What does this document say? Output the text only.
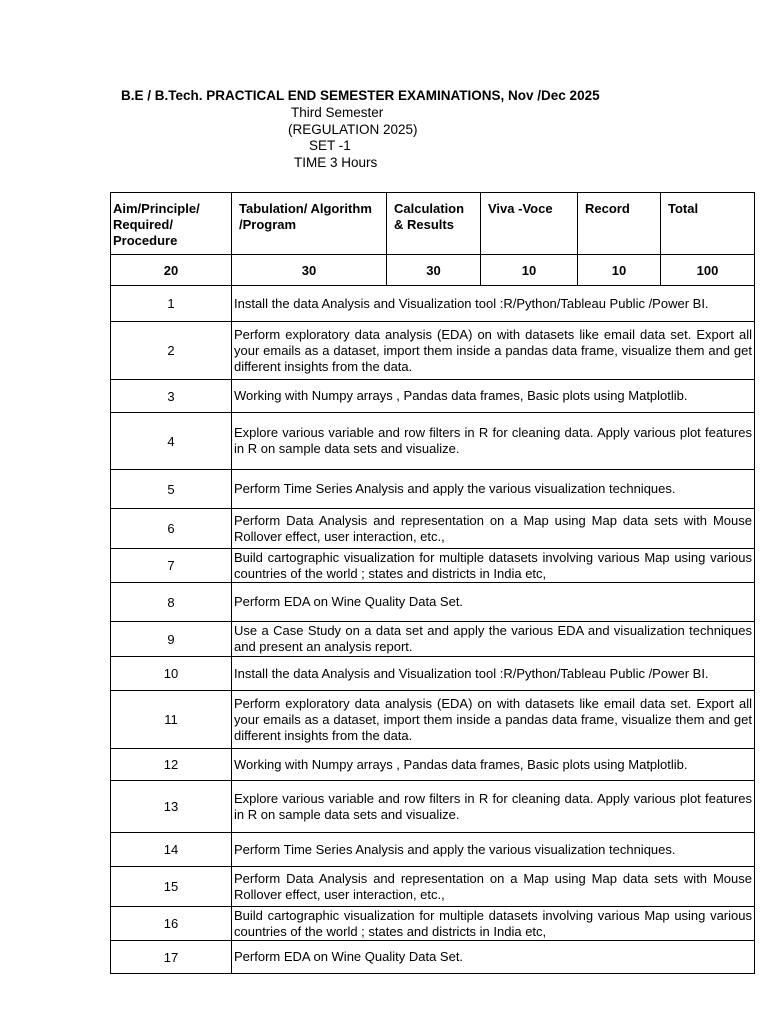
B.E / B.Tech. PRACTICAL END SEMESTER EXAMINATIONS, Nov /Dec 2025
Third Semester
(REGULATION 2025)
SET -1
TIME 3 Hours
Aim/Principle/ Required/ Procedure	Tabulation/ Algorithm /Program	Calculation & Results	Viva -Voce	Record	Total
20	30	30	10	10	100
1	Install the data Analysis and Visualization tool :R/Python/Tableau Public /Power BI.				
2	Perform exploratory data analysis (EDA) on with datasets like email data set. Export all your emails as a dataset, import them inside a pandas data frame, visualize them and get different insights from the data.				
3	Working with Numpy arrays , Pandas data frames, Basic plots using Matplotlib.				
4	Explore various variable and row filters in R for cleaning data. Apply various plot features in R on sample data sets and visualize.				
5	Perform Time Series Analysis and apply the various visualization techniques.				
6	Perform Data Analysis and representation on a Map using Map data sets with Mouse Rollover effect, user interaction, etc.,				
7	Build cartographic visualization for multiple datasets involving various Map using various countries of the world ; states and districts in India etc,				
8	Perform EDA on Wine Quality Data Set.				
9	Use a Case Study on a data set and apply the various EDA and visualization techniques and present an analysis report.				
10	Install the data Analysis and Visualization tool :R/Python/Tableau Public /Power BI.				
11	Perform exploratory data analysis (EDA) on with datasets like email data set. Export all your emails as a dataset, import them inside a pandas data frame, visualize them and get different insights from the data.				
12	Working with Numpy arrays , Pandas data frames, Basic plots using Matplotlib.				
13	Explore various variable and row filters in R for cleaning data. Apply various plot features in R on sample data sets and visualize.				
14	Perform Time Series Analysis and apply the various visualization techniques.				
15	Perform Data Analysis and representation on a Map using Map data sets with Mouse Rollover effect, user interaction, etc.,				
16	Build cartographic visualization for multiple datasets involving various Map using various countries of the world ; states and districts in India etc,				
17	Perform EDA on Wine Quality Data Set.				
